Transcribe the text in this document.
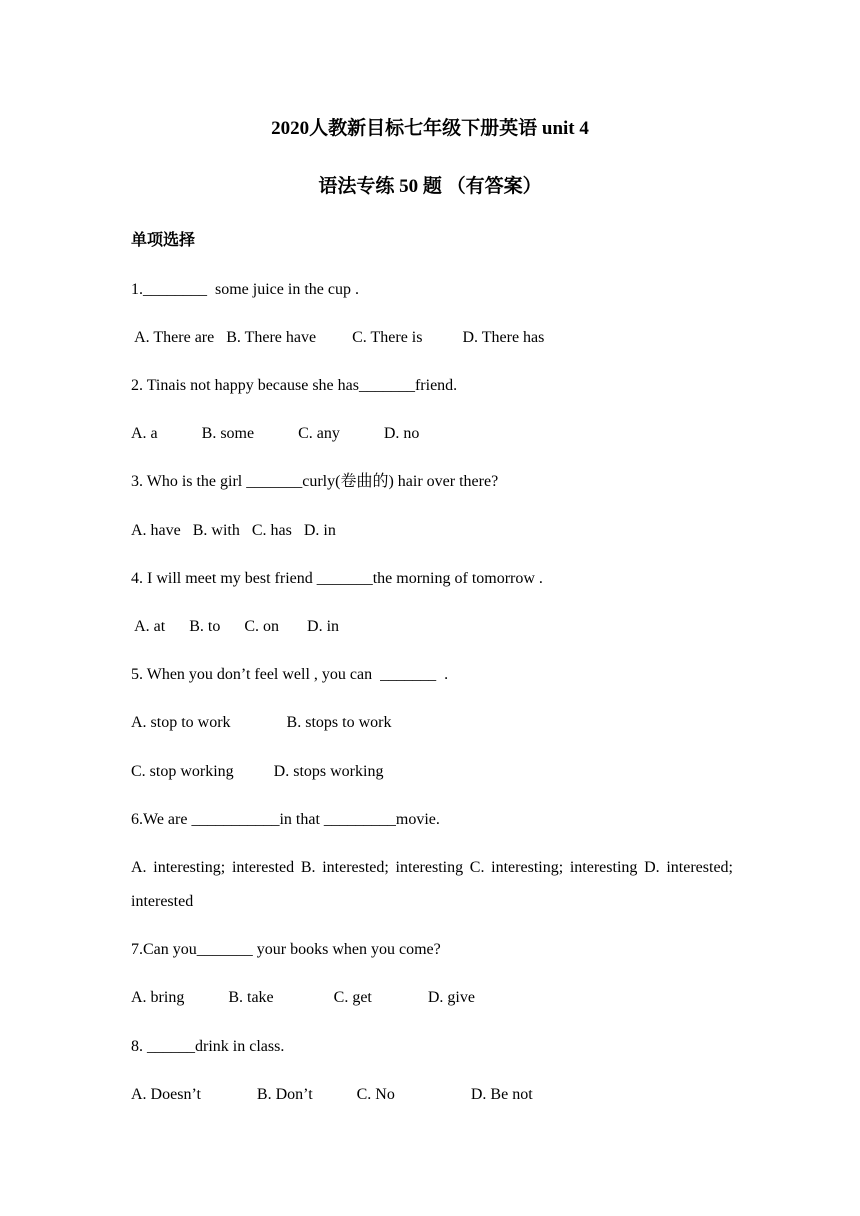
2020人教新目标七年级下册英语 unit 4
语法专练 50 题 （有答案）
单项选择
1.________  some juice in the cup .
A. There are   B. There have         C. There is          D. There has
2. Tinais not happy because she has_______friend.
A. a           B. some           C. any           D. no
3. Who is the girl _______curly(卷曲的) hair over there?
A. have   B. with   C. has   D. in
4. I will meet my best friend _______the morning of tomorrow .
A. at      B. to      C. on       D. in
5. When you don’t feel well , you can  _______  .
A. stop to work              B. stops to work
C. stop working          D. stops working
6.We are ___________in that _________movie.
A. interesting; interested B. interested; interesting C. interesting; interesting D. interested; interested
7.Can you_______ your books when you come?
A. bring           B. take               C. get              D. give
8. ______drink in class.
A. Doesn’t              B. Don’t           C. No                   D. Be not
